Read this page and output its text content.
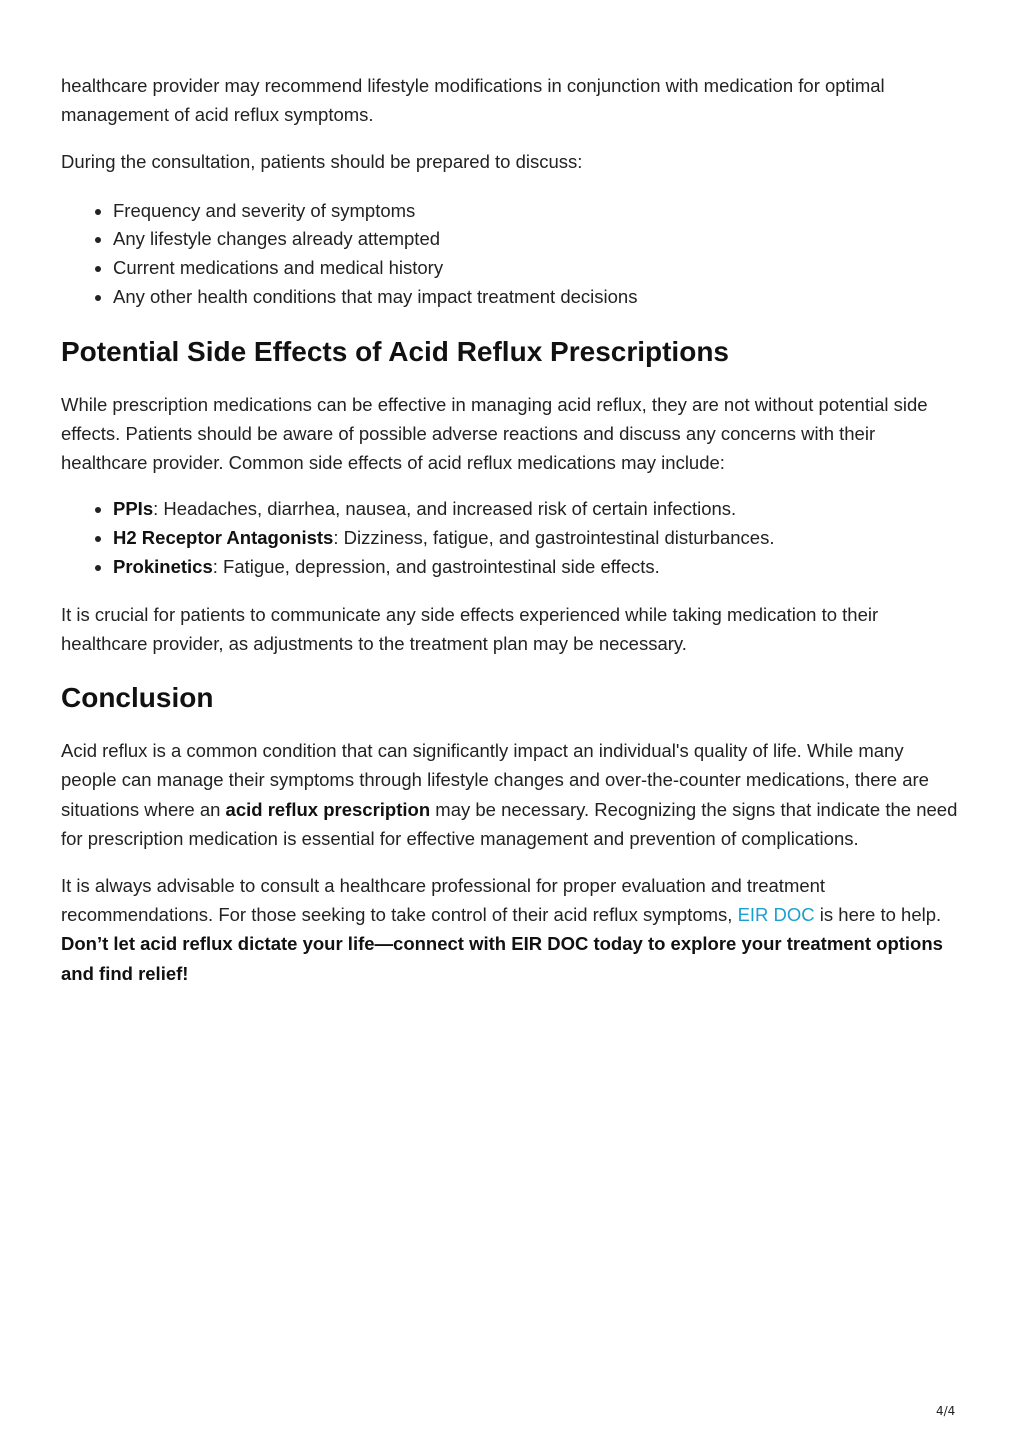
healthcare provider may recommend lifestyle modifications in conjunction with medication for optimal management of acid reflux symptoms.

During the consultation, patients should be prepared to discuss:

• Frequency and severity of symptoms
• Any lifestyle changes already attempted
• Current medications and medical history
• Any other health conditions that may impact treatment decisions
Potential Side Effects of Acid Reflux Prescriptions

While prescription medications can be effective in managing acid reflux, they are not without potential side effects. Patients should be aware of possible adverse reactions and discuss any concerns with their healthcare provider. Common side effects of acid reflux medications may include:

• PPIs: Headaches, diarrhea, nausea, and increased risk of certain infections.
• H2 Receptor Antagonists: Dizziness, fatigue, and gastrointestinal disturbances.
• Prokinetics: Fatigue, depression, and gastrointestinal side effects.

It is crucial for patients to communicate any side effects experienced while taking medication to their healthcare provider, as adjustments to the treatment plan may be necessary.

Conclusion

Acid reflux is a common condition that can significantly impact an individual's quality of life. While many people can manage their symptoms through lifestyle changes and over-the-counter medications, there are situations where an acid reflux prescription may be necessary. Recognizing the signs that indicate the need for prescription medication is essential for effective management and prevention of complications.

It is always advisable to consult a healthcare professional for proper evaluation and treatment recommendations. For those seeking to take control of their acid reflux symptoms, EIR DOC is here to help. Don’t let acid reflux dictate your life—connect with EIR DOC today to explore your treatment options and find relief!

4/4
